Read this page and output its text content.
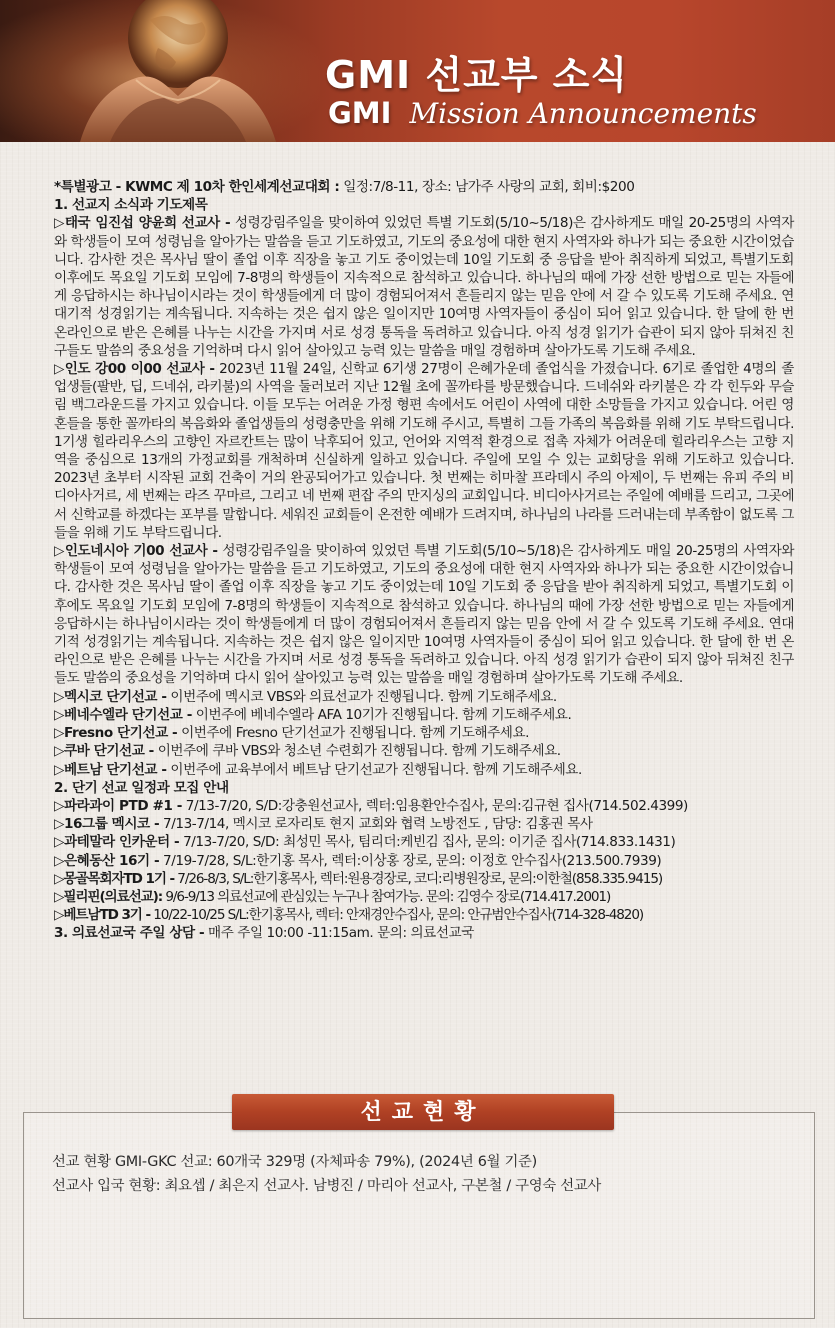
GMI 선교부 소식
GMI Mission Announcements

*특별광고 - KWMC 제 10차 한인세계선교대회 : 일정:7/8-11, 장소: 남가주 사랑의 교회, 회비:$200

1. 선교지 소식과 기도제목

▷태국 임진섭 양윤희 선교사 - 성령강림주일을 맞이하여 있었던 특별 기도회(5/10~5/18)은 감사하게도 매일 20-25명의 사역자와 학생들이 모여 성령님을 알아가는 말씀을 듣고 기도하였고, 기도의 중요성에 대한 현지 사역자와 하나가 되는 중요한 시간이었습니다. 감사한 것은 목사님 딸이 졸업 이후 직장을 놓고 기도 중이었는데 10일 기도회 중 응답을 받아 취직하게 되었고, 특별기도회 이후에도 목요일 기도회 모임에 7-8명의 학생들이 지속적으로 참석하고 있습니다. 하나님의 때에 가장 선한 방법으로 믿는 자들에게 응답하시는 하나님이시라는 것이 학생들에게 더 많이 경험되어져서 흔들리지 않는 믿음 안에 서 갈 수 있도록 기도해 주세요. 연대기적 성경읽기는 계속됩니다. 지속하는 것은 쉽지 않은 일이지만 10여명 사역자들이 중심이 되어 읽고 있습니다. 한 달에 한 번 온라인으로 받은 은혜를 나누는 시간을 가지며 서로 성경 통독을 독려하고 있습니다. 아직 성경 읽기가 습관이 되지 않아 뒤쳐진 친구들도 말씀의 중요성을 기억하며 다시 읽어 살아있고 능력 있는 말씀을 매일 경험하며 살아가도록 기도해 주세요.

▷인도 강00 이00 선교사 - 2023년 11월 24일, 신학교 6기생 27명이 은혜가운데 졸업식을 가졌습니다. 6기로 졸업한 4명의 졸업생들(팔반, 딥, 드네쉬, 라키불)의 사역을 둘러보러 지난 12월 초에 꼴까타를 방문했습니다. 드네쉬와 라키불은 각 각 힌두와 무슬림 백그라운드를 가지고 있습니다. 이들 모두는 어려운 가정 형편 속에서도 어린이 사역에 대한 소망들을 가지고 있습니다. 어린 영혼들을 통한 꼴까타의 복음화와 졸업생들의 성령충만을 위해 기도해 주시고, 특별히 그들 가족의 복음화를 위해 기도 부탁드립니다. 1기생 힐라리우스의 고향인 자르칸트는 많이 낙후되어 있고, 언어와 지역적 환경으로 접촉 자체가 어려운데 힐라리우스는 고향 지역을 중심으로 13개의 가정교회를 개척하며 신실하게 일하고 있습니다. 주일에 모일 수 있는 교회당을 위해 기도하고 있습니다. 2023년 초부터 시작된 교회 건축이 거의 완공되어가고 있습니다. 첫 번째는 히마찰 프라데시 주의 아제이, 두 번째는 유피 주의 비디아사거르, 세 번째는 라즈 꾸마르, 그리고 네 번째 편잡 주의 만지싱의 교회입니다. 비디아사거르는 주일에 예배를 드리고, 그곳에서 신학교를 하겠다는 포부를 말합니다. 세워진 교회들이 온전한 예배가 드려지며, 하나님의 나라를 드러내는데 부족함이 없도록 그들을 위해 기도 부탁드립니다.

▷인도네시아 기00 선교사 - 성령강림주일을 맞이하여 있었던 특별 기도회(5/10~5/18)은 감사하게도 매일 20-25명의 사역자와 학생들이 모여 성령님을 알아가는 말씀을 듣고 기도하였고, 기도의 중요성에 대한 현지 사역자와 하나가 되는 중요한 시간이었습니다. 감사한 것은 목사님 딸이 졸업 이후 직장을 놓고 기도 중이었는데 10일 기도회 중 응답을 받아 취직하게 되었고, 특별기도회 이후에도 목요일 기도회 모임에 7-8명의 학생들이 지속적으로 참석하고 있습니다. 하나님의 때에 가장 선한 방법으로 믿는 자들에게 응답하시는 하나님이시라는 것이 학생들에게 더 많이 경험되어져서 흔들리지 않는 믿음 안에 서 갈 수 있도록 기도해 주세요. 연대기적 성경읽기는 계속됩니다. 지속하는 것은 쉽지 않은 일이지만 10여명 사역자들이 중심이 되어 읽고 있습니다. 한 달에 한 번 온라인으로 받은 은혜를 나누는 시간을 가지며 서로 성경 통독을 독려하고 있습니다. 아직 성경 읽기가 습관이 되지 않아 뒤쳐진 친구들도 말씀의 중요성을 기억하며 다시 읽어 살아있고 능력 있는 말씀을 매일 경험하며 살아가도록 기도해 주세요.

▷멕시코 단기선교 - 이번주에 멕시코 VBS와 의료선교가 진행됩니다. 함께 기도해주세요.

▷베네수엘라 단기선교 - 이번주에 베네수엘라 AFA 10기가 진행됩니다. 함께 기도해주세요.

▷Fresno 단기선교 - 이번주에 Fresno 단기선교가 진행됩니다. 함께 기도해주세요.

▷쿠바 단기선교 - 이번주에 쿠바 VBS와 청소년 수련회가 진행됩니다. 함께 기도해주세요.

▷베트남 단기선교 - 이번주에 교육부에서 베트남 단기선교가 진행됩니다. 함께 기도해주세요.

2. 단기 선교 일정과 모집 안내

▷파라과이 PTD #1 - 7/13-7/20, S/D:강충원선교사, 렉터:임용환안수집사, 문의:김규현 집사(714.502.4399)

▷16그룹 멕시코 - 7/13-7/14, 멕시코 로자리토 현지 교회와 협력 노방전도 , 담당: 김홍권 목사

▷과테말라 인카운터 - 7/13-7/20, S/D: 최성민 목사, 팀리더:케빈김 집사, 문의: 이기준 집사(714.833.1431)

▷은혜동산 16기 - 7/19-7/28, S/L:한기홍 목사, 렉터:이상홍 장로, 문의: 이정호 안수집사(213.500.7939)

▷몽골목회자TD 1기 - 7/26-8/3, S/L:한기홍목사, 렉터:원용경장로, 코디:리병원장로, 문의:이한철(858.335.9415)

▷필리핀(의료선교): 9/6-9/13 의료선교에 관심있는 누구나 참여가능. 문의: 김영수 장로(714.417.2001)

▷베트남TD 3기 - 10/22-10/25 S/L:한기홍목사, 렉터: 안재경안수집사, 문의: 안규범안수집사(714-328-4820)

3. 의료선교국 주일 상담 - 매주 주일 10:00 -11:15am. 문의: 의료선교국

선교현황
선교 현황 GMI-GKC 선교: 60개국 329명 (자체파송 79%), (2024년 6월 기준)
선교사 입국 현황: 최요셉 / 최은지 선교사. 남병진 / 마리아 선교사, 구본철 / 구영숙 선교사
